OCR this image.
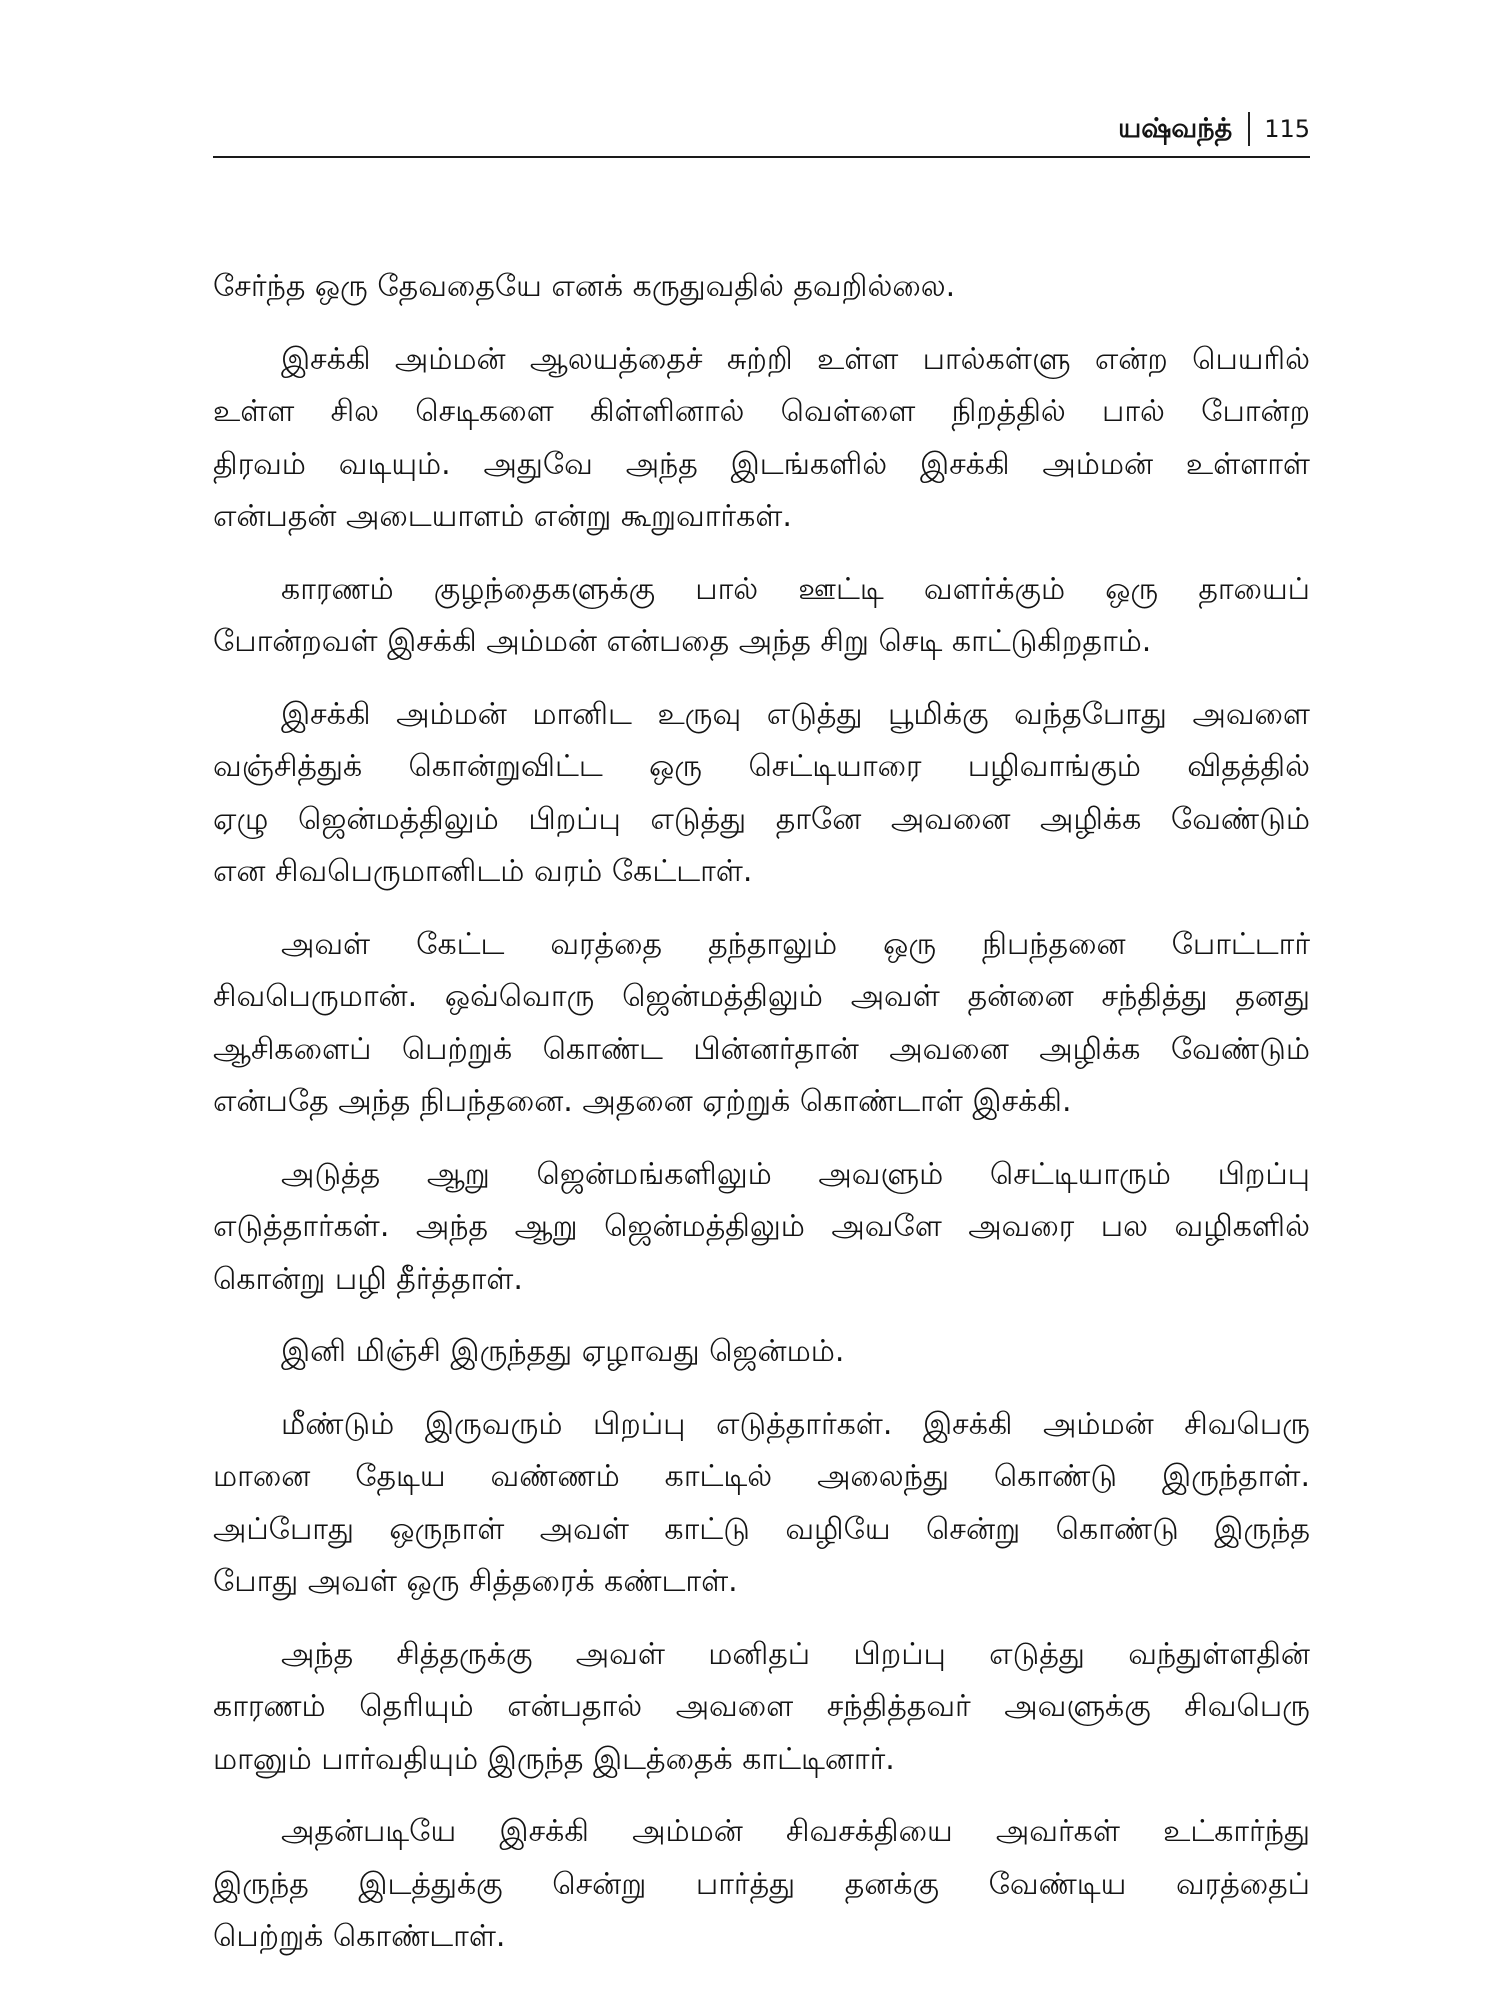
யஷ்வந்த் 115
சேர்ந்த ஒரு தேவதையே எனக் கருதுவதில் தவறில்லை.
இசக்கி அம்மன் ஆலயத்தைச் சுற்றி உள்ள பால்கள்ளு என்ற பெயரில்
உள்ள சில செடிகளை கிள்ளினால் வெள்ளை நிறத்தில் பால் போன்ற
திரவம் வடியும். அதுவே அந்த இடங்களில் இசக்கி அம்மன் உள்ளாள்
என்பதன் அடையாளம் என்று கூறுவார்கள்.
காரணம் குழந்தைகளுக்கு பால் ஊட்டி வளர்க்கும் ஒரு தாயைப்
போன்றவள் இசக்கி அம்மன் என்பதை அந்த சிறு செடி காட்டுகிறதாம்.
இசக்கி அம்மன் மானிட உருவு எடுத்து பூமிக்கு வந்தபோது அவளை
வஞ்சித்துக் கொன்றுவிட்ட ஒரு செட்டியாரை பழிவாங்கும் விதத்தில்
ஏழு ஜென்மத்திலும் பிறப்பு எடுத்து தானே அவனை அழிக்க வேண்டும்
என சிவபெருமானிடம் வரம் கேட்டாள்.
அவள் கேட்ட வரத்தை தந்தாலும் ஒரு நிபந்தனை போட்டார்
சிவபெருமான். ஒவ்வொரு ஜென்மத்திலும் அவள் தன்னை சந்தித்து தனது
ஆசிகளைப் பெற்றுக் கொண்ட பின்னர்தான் அவனை அழிக்க வேண்டும்
என்பதே அந்த நிபந்தனை. அதனை ஏற்றுக் கொண்டாள் இசக்கி.
அடுத்த ஆறு ஜென்மங்களிலும் அவளும் செட்டியாரும் பிறப்பு
எடுத்தார்கள். அந்த ஆறு ஜென்மத்திலும் அவளே அவரை பல வழிகளில்
கொன்று பழி தீர்த்தாள்.
இனி மிஞ்சி இருந்தது ஏழாவது ஜென்மம்.
மீண்டும் இருவரும் பிறப்பு எடுத்தார்கள். இசக்கி அம்மன் சிவபெரு
மானை தேடிய வண்ணம் காட்டில் அலைந்து கொண்டு இருந்தாள்.
அப்போது ஒருநாள் அவள் காட்டு வழியே சென்று கொண்டு இருந்த
போது அவள் ஒரு சித்தரைக் கண்டாள்.
அந்த சித்தருக்கு அவள் மனிதப் பிறப்பு எடுத்து வந்துள்ளதின்
காரணம் தெரியும் என்பதால் அவளை சந்தித்தவர் அவளுக்கு சிவபெரு
மானும் பார்வதியும் இருந்த இடத்தைக் காட்டினார்.
அதன்படியே இசக்கி அம்மன் சிவசக்தியை அவர்கள் உட்கார்ந்து
இருந்த இடத்துக்கு சென்று பார்த்து தனக்கு வேண்டிய வரத்தைப்
பெற்றுக் கொண்டாள்.
